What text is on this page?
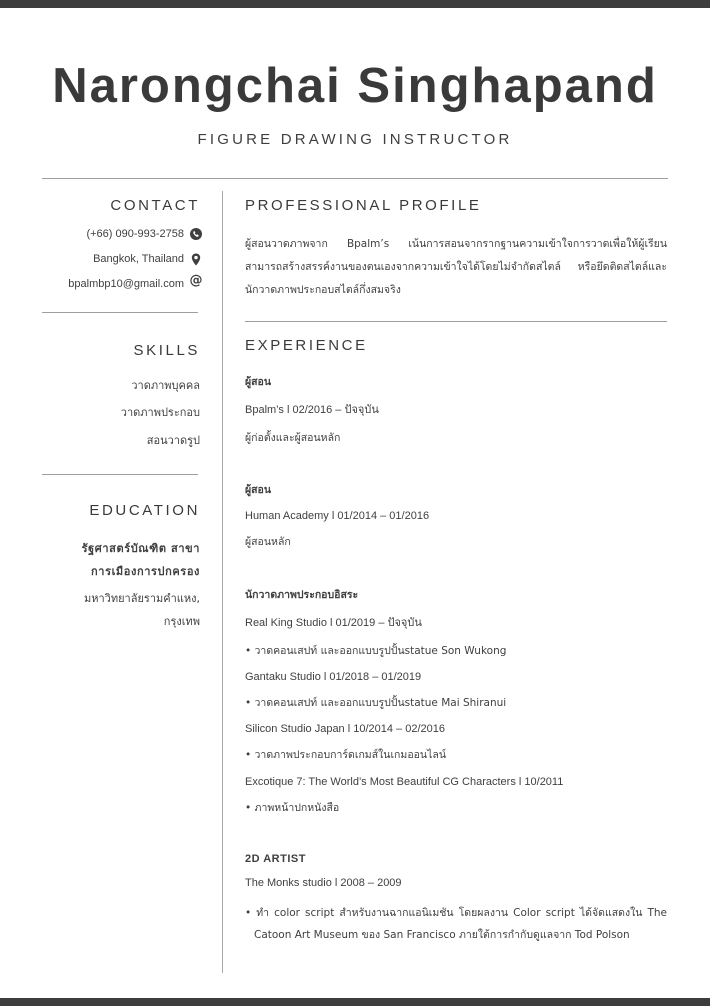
Narongchai Singhapand
FIGURE DRAWING INSTRUCTOR
CONTACT
(+66) 090-993-2758
Bangkok, Thailand
bpalmbp10@gmail.com @
SKILLS
วาดภาพบุคคล
วาดภาพประกอบ
สอนวาดรูป
EDUCATION
รัฐศาสตร์บัณฑิต สาขา
การเมืองการปกครอง
มหาวิทยาลัยรามคำแหง,
กรุงเทพ
PROFESSIONAL PROFILE
ผู้สอนวาดภาพจาก Bpalm’s เน้นการสอนจากรากฐานความเข้าใจการวาดเพื่อให้ผู้เรียนสามารถสร้างสรรค์งานของตนเองจากความเข้าใจได้โดยไม่จำกัดสไตล์ หรือยึดติดสไตล์และนักวาดภาพประกอบสไตล์กึ่งสมจริง
EXPERIENCE
ผู้สอน
Bpalm’s l 02/2016 – ปัจจุบัน
ผู้ก่อตั้งและผู้สอนหลัก
ผู้สอน
Human Academy l 01/2014 – 01/2016
ผู้สอนหลัก
นักวาดภาพประกอบอิสระ
Real King Studio l 01/2019 – ปัจจุบัน
• วาดคอนเสปท์ และออกแบบรูปปั้นstatue Son Wukong
Gantaku Studio l 01/2018 – 01/2019
• วาดคอนเสปท์ และออกแบบรูปปั้นstatue Mai Shiranui
Silicon Studio Japan l 10/2014 – 02/2016
• วาดภาพประกอบการ์ดเกมส์ในเกมออนไลน์
Excotique 7: The World’s Most Beautiful CG Characters l 10/2011
• ภาพหน้าปกหนังสือ
2D ARTIST
The Monks studio l 2008 – 2009
• ทำ color script สำหรับงานฉากแอนิเมชัน โดยผลงาน Color script ได้จัดแสดงใน The Catoon Art Museum ของ San Francisco ภายใต้การกำกับดูแลจาก Tod Polson
